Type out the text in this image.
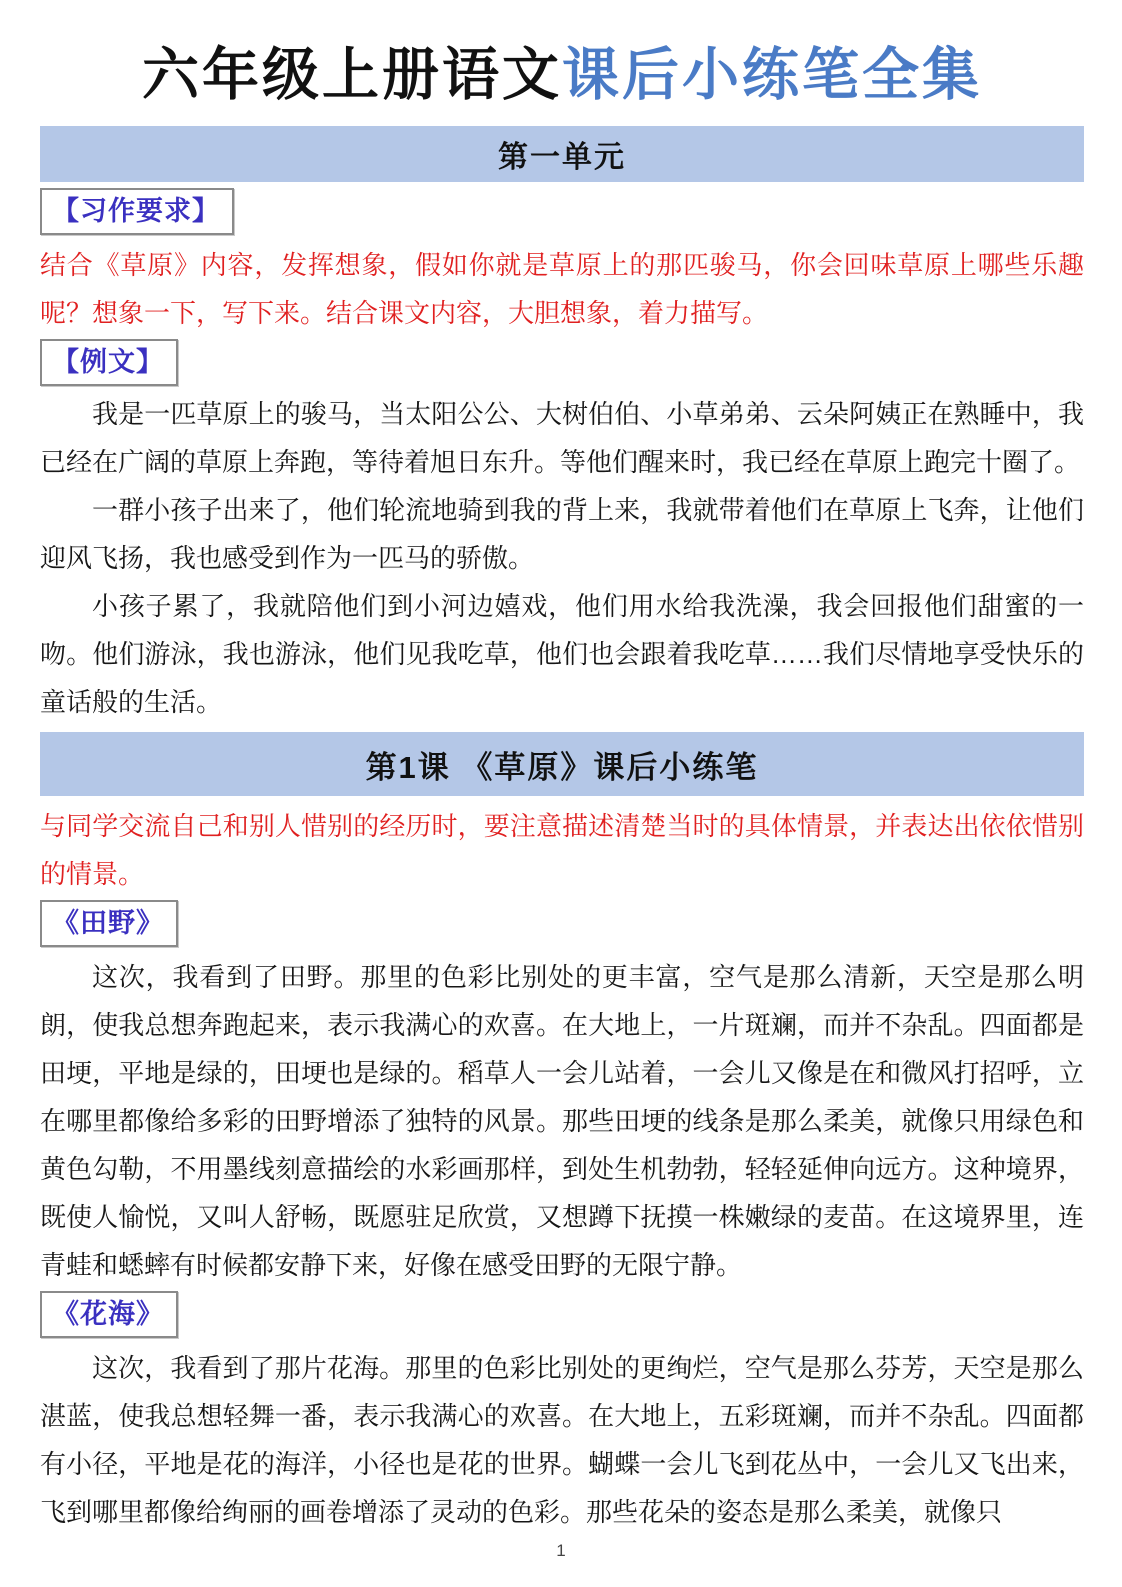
六年级上册语文课后小练笔全集
第一单元
【习作要求】

结合《草原》内容，发挥想象，假如你就是草原上的那匹骏马，你会回味草原上哪些乐趣呢？想象一下，写下来。结合课文内容，大胆想象，着力描写。

【例文】

我是一匹草原上的骏马，当太阳公公、大树伯伯、小草弟弟、云朵阿姨正在熟睡中，我已经在广阔的草原上奔跑，等待着旭日东升。等他们醒来时，我已经在草原上跑完十圈了。

一群小孩子出来了，他们轮流地骑到我的背上来，我就带着他们在草原上飞奔，让他们迎风飞扬，我也感受到作为一匹马的骄傲。

小孩子累了，我就陪他们到小河边嬉戏，他们用水给我洗澡，我会回报他们甜蜜的一吻。他们游泳，我也游泳，他们见我吃草，他们也会跟着我吃草……我们尽情地享受快乐的童话般的生活。

第1课 《草原》课后小练笔

与同学交流自己和别人惜别的经历时，要注意描述清楚当时的具体情景，并表达出依依惜别的情景。

《田野》

这次，我看到了田野。那里的色彩比别处的更丰富，空气是那么清新，天空是那么明朗，使我总想奔跑起来，表示我满心的欢喜。在大地上，一片斑斓，而并不杂乱。四面都是田埂，平地是绿的，田埂也是绿的。稻草人一会儿站着，一会儿又像是在和微风打招呼，立在哪里都像给多彩的田野增添了独特的风景。那些田埂的线条是那么柔美，就像只用绿色和黄色勾勒，不用墨线刻意描绘的水彩画那样，到处生机勃勃，轻轻延伸向远方。这种境界，既使人愉悦，又叫人舒畅，既愿驻足欣赏，又想蹲下抚摸一株嫩绿的麦苗。在这境界里，连青蛙和蟋蟀有时候都安静下来，好像在感受田野的无限宁静。

《花海》

这次，我看到了那片花海。那里的色彩比别处的更绚烂，空气是那么芬芳，天空是那么湛蓝，使我总想轻舞一番，表示我满心的欢喜。在大地上，五彩斑斓，而并不杂乱。四面都有小径，平地是花的海洋，小径也是花的世界。蝴蝶一会儿飞到花丛中，一会儿又飞出来，飞到哪里都像给绚丽的画卷增添了灵动的色彩。那些花朵的姿态是那么柔美，就像只

1
